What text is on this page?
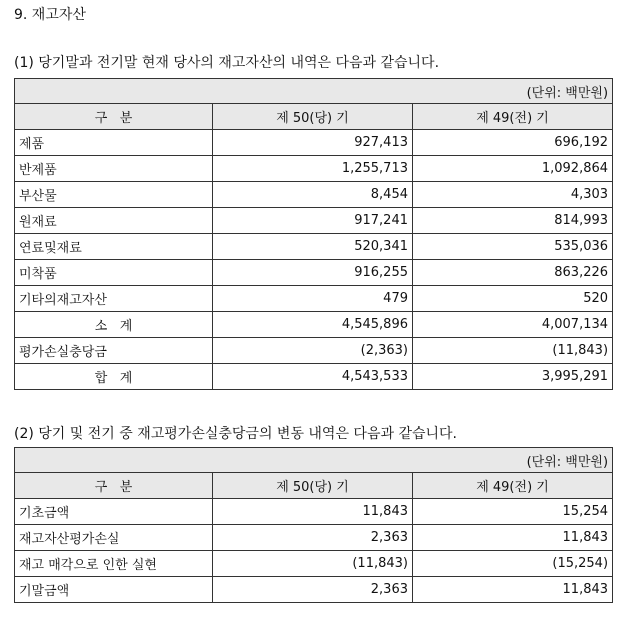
9. 재고자산
(1) 당기말과 전기말 현재 당사의 재고자산의 내역은 다음과 같습니다.
(단위: 백만원)		
구   분	제 50(당) 기	제 49(전) 기
제품	927,413	696,192
반제품	1,255,713	1,092,864
부산물	8,454	4,303
원재료	917,241	814,993
연료및재료	520,341	535,036
미착품	916,255	863,226
기타의재고자산	479	520
소   계	4,545,896	4,007,134
평가손실충당금	(2,363)	(11,843)
합   계	4,543,533	3,995,291
(2) 당기 및 전기 중 재고평가손실충당금의 변동 내역은 다음과 같습니다.
(단위: 백만원)		
구   분	제 50(당) 기	제 49(전) 기
기초금액	11,843	15,254
재고자산평가손실	2,363	11,843
재고 매각으로 인한 실현	(11,843)	(15,254)
기말금액	2,363	11,843
